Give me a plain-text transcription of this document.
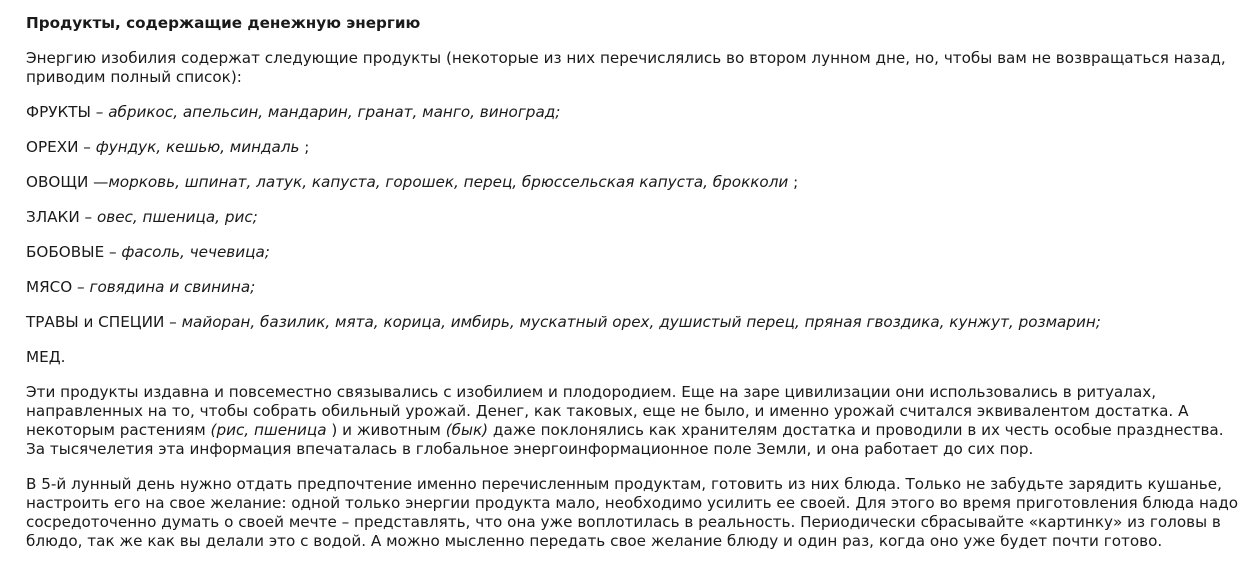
Продукты, содержащие денежную энергию

Энергию изобилия содержат следующие продукты (некоторые из них перечислялись во втором лунном дне, но, чтобы вам не возвращаться назад, приводим полный список):

ФРУКТЫ – абрикос, апельсин, мандарин, гранат, манго, виноград;
ОРЕХИ – фундук, кешью, миндаль ;
ОВОЩИ —морковь, шпинат, латук, капуста, горошек, перец, брюссельская капуста, брокколи ;
ЗЛАКИ – овес, пшеница, рис;
БОБОВЫЕ – фасоль, чечевица;
МЯСО – говядина и свинина;
ТРАВЫ и СПЕЦИИ – майоран, базилик, мята, корица, имбирь, мускатный орех, душистый перец, пряная гвоздика, кунжут, розмарин;
МЕД.

Эти продукты издавна и повсеместно связывались с изобилием и плодородием. Еще на заре цивилизации они использовались в ритуалах, направленных на то, чтобы собрать обильный урожай. Денег, как таковых, еще не было, и именно урожай считался эквивалентом достатка. А некоторым растениям (рис, пшеница ) и животным (бык) даже поклонялись как хранителям достатка и проводили в их честь особые празднества. За тысячелетия эта информация впечаталась в глобальное энергоинформационное поле Земли, и она работает до сих пор.

В 5-й лунный день нужно отдать предпочтение именно перечисленным продуктам, готовить из них блюда. Только не забудьте зарядить кушанье, настроить его на свое желание: одной только энергии продукта мало, необходимо усилить ее своей. Для этого во время приготовления блюда надо сосредоточенно думать о своей мечте – представлять, что она уже воплотилась в реальность. Периодически сбрасывайте «картинку» из головы в блюдо, так же как вы делали это с водой. А можно мысленно передать свое желание блюду и один раз, когда оно уже будет почти готово.
